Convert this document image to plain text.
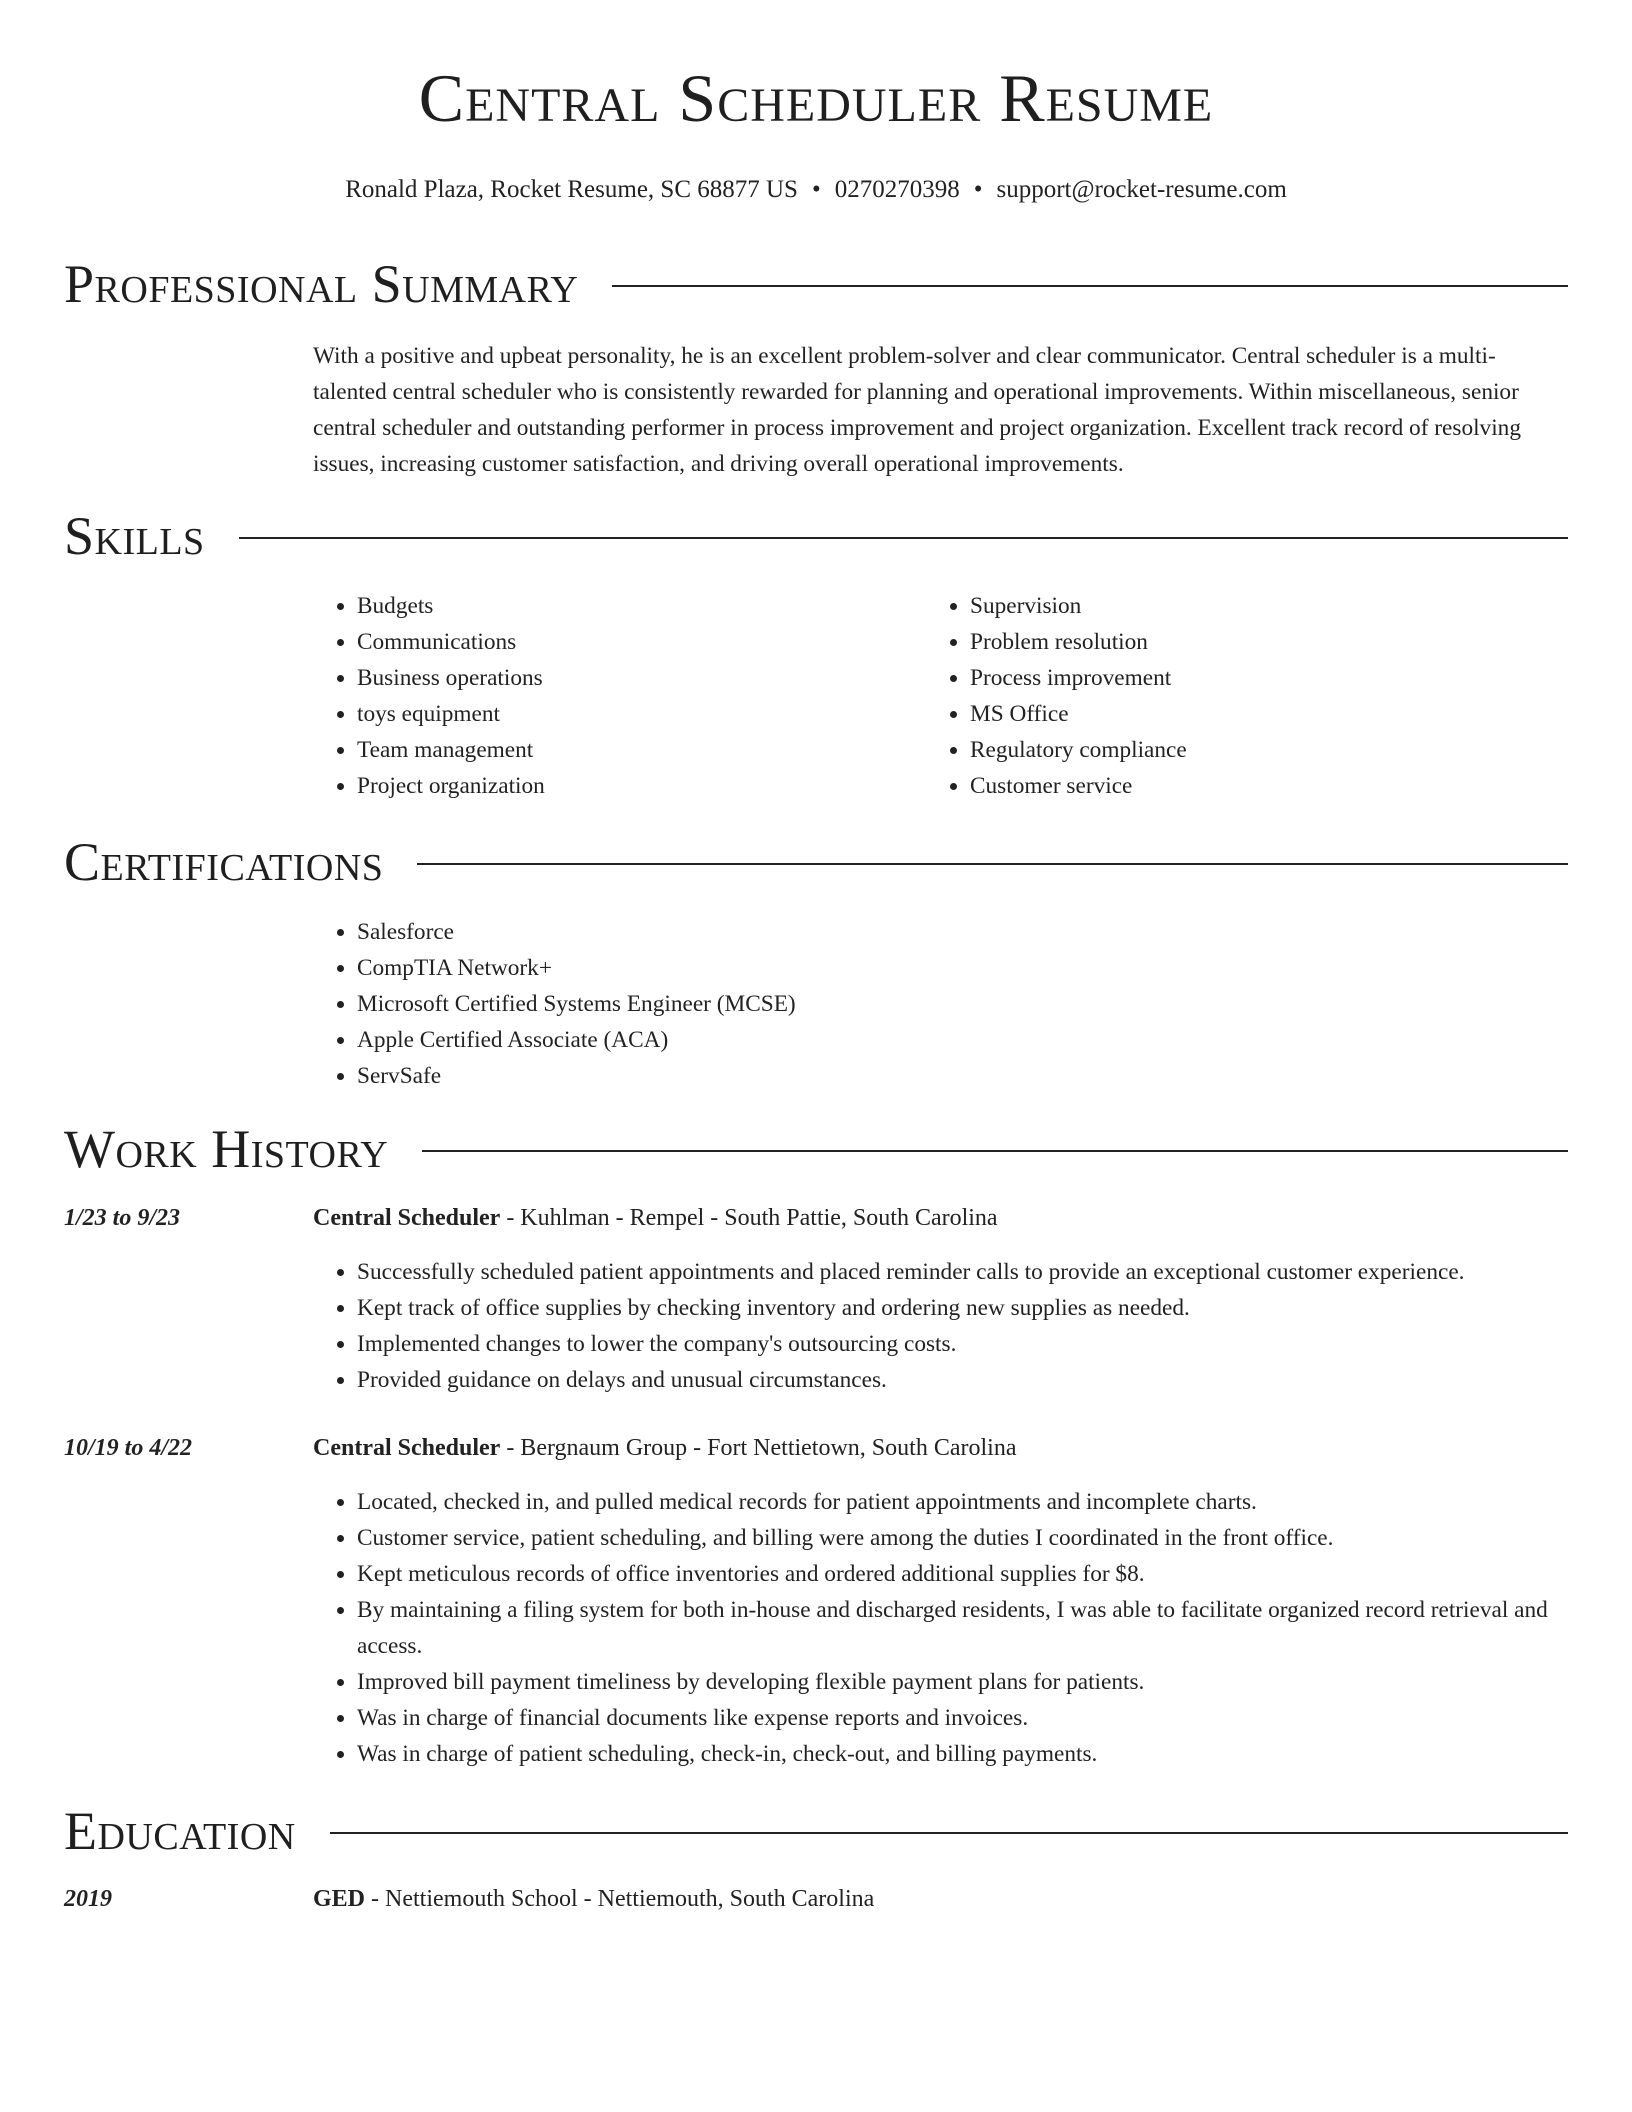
Central Scheduler Resume
Ronald Plaza, Rocket Resume, SC 68877 US • 0270270398 • support@rocket-resume.com
Professional Summary

With a positive and upbeat personality, he is an excellent problem-solver and clear communicator. Central scheduler is a multi-talented central scheduler who is consistently rewarded for planning and operational improvements. Within miscellaneous, senior central scheduler and outstanding performer in process improvement and project organization. Excellent track record of resolving issues, increasing customer satisfaction, and driving overall operational improvements.

Skills
• Budgets
• Communications
• Business operations
• toys equipment
• Team management
• Project organization
• Supervision
• Problem resolution
• Process improvement
• MS Office
• Regulatory compliance
• Customer service
Certifications
• Salesforce
• CompTIA Network+
• Microsoft Certified Systems Engineer (MCSE)
• Apple Certified Associate (ACA)
• ServSafe
Work History
1/23 to 9/23	Central Scheduler - Kuhlman - Rempel - South Pattie, South Carolina
• Successfully scheduled patient appointments and placed reminder calls to provide an exceptional customer experience.
• Kept track of office supplies by checking inventory and ordering new supplies as needed.
• Implemented changes to lower the company's outsourcing costs.
• Provided guidance on delays and unusual circumstances.
10/19 to 4/22	Central Scheduler - Bergnaum Group - Fort Nettietown, South Carolina
• Located, checked in, and pulled medical records for patient appointments and incomplete charts.
• Customer service, patient scheduling, and billing were among the duties I coordinated in the front office.
• Kept meticulous records of office inventories and ordered additional supplies for $8.
• By maintaining a filing system for both in-house and discharged residents, I was able to facilitate organized record retrieval and access.
• Improved bill payment timeliness by developing flexible payment plans for patients.
• Was in charge of financial documents like expense reports and invoices.
• Was in charge of patient scheduling, check-in, check-out, and billing payments.
Education
2019	GED - Nettiemouth School - Nettiemouth, South Carolina
